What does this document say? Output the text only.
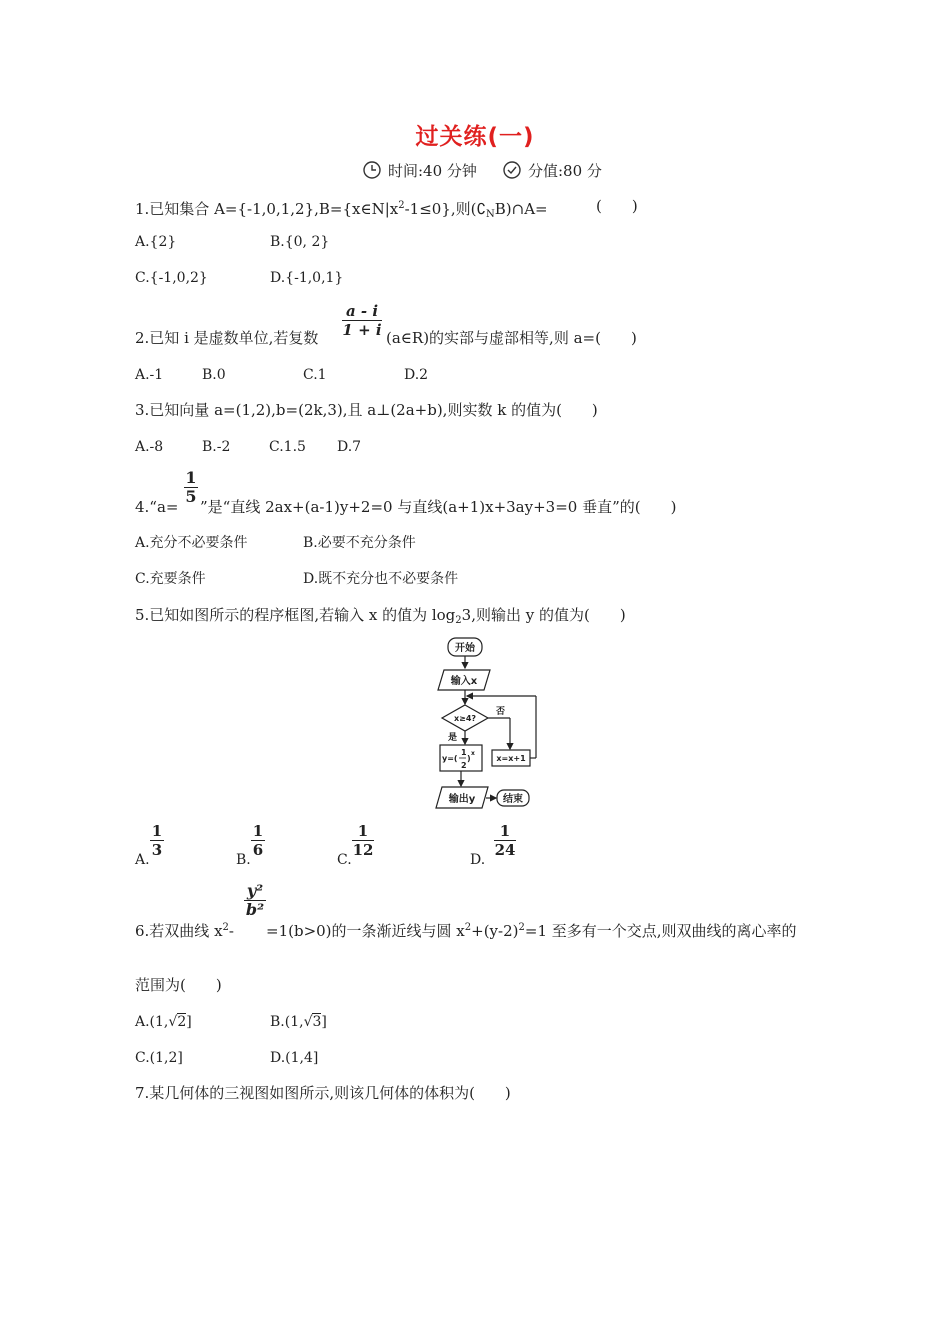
过关练(一)
时间:40 分钟	分值:80 分
1.已知集合 $A=\{-1,0,1,2\},B=\{x\in N|x^2-1\le 0\}$,则$(∁_NB)\cap A=$	(　　)
A.{2}	B.{0, 2}
C.{-1,0,2}	D.{-1,0,1}
2.已知 i 是虚数单位,若复数
a - i
1 + i (a∈R)的实部与虚部相等,则 a=(　　)
A.-1	B.0	C.1	D.2
3.已知向量 a=(1,2),b=(2k,3),且 a⊥(2a+b),则实数 k 的值为(　　)
A.-8	B.-2	C.1.5 D.7
4.“a=
1
5
”是“直线 2ax+(a-1)y+2=0 与直线(a+1)x+3ay+3=0 垂直”的(　　)
A.充分不必要条件	B.必要不充分条件
C.充要条件	D.既不充分也不必要条件
5.已知如图所示的程序框图,若输入 x 的值为 $\log_23$,则输出 y 的值为(　　)
开始
输入x
x≥4?
否
是
x=x+1
y=(
1
2
)
x
输出y	结束
A.
1
3
B.
1
6
C.
1
12
D.
1
24
6.若双曲线 $x^2-$
y²
b²
=1(b>0)的一条渐近线与圆 $x^2+(y-2)^2=1$ 至多有一个交点,则双曲线的离心率的
范围为(　　)
A.(1,√2]	B.(1,√3]
C.(1,2]	D.(1,4]
7.某几何体的三视图如图所示,则该几何体的体积为(　　)
